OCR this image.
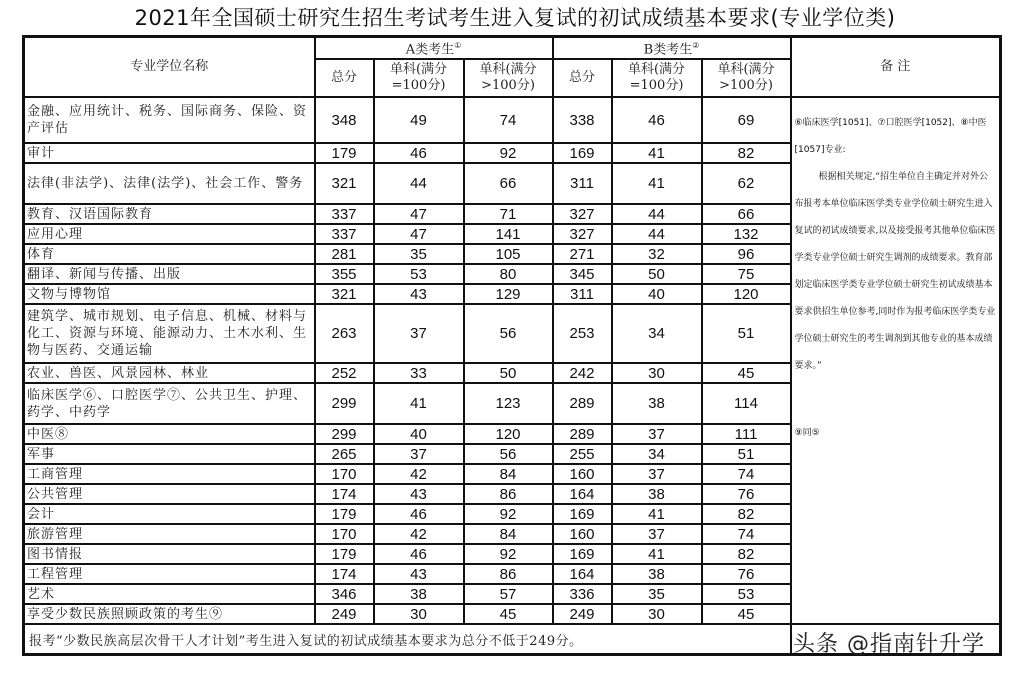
2021年全国硕士研究生招生考试考生进入复试的初试成绩基本要求(专业学位类)
专业学位名称	A类考生①			B类考生②			备 注
	总分	单科(满分=100分)	单科(满分>100分)	总分	单科(满分=100分)	单科(满分>100分)	
金融、应用统计、税务、国际商务、保险、资产评估	348	49	74	338	46	69	⑥临床医学[1051]、⑦口腔医学[1052]、⑧中医[1057]专业:

根据相关规定,“招生单位自主确定并对外公布报考本单位临床医学类专业学位硕士研究生进入复试的初试成绩要求,以及接受报考其他单位临床医学类专业学位硕士研究生调剂的成绩要求。教育部划定临床医学类专业学位硕士研究生初试成绩基本要求供招生单位参考,同时作为报考临床医学类专业学位硕士研究生的考生调剂到其他专业的基本成绩要求。”

⑨同⑤

审计	179	46	92	169	41	82	
法律(非法学)、法律(法学)、社会工作、警务	321	44	66	311	41	62	
教育、汉语国际教育	337	47	71	327	44	66	
应用心理	337	47	141	327	44	132	
体育	281	35	105	271	32	96	
翻译、新闻与传播、出版	355	53	80	345	50	75	
文物与博物馆	321	43	129	311	40	120	
建筑学、城市规划、电子信息、机械、材料与化工、资源与环境、能源动力、土木水利、生物与医药、交通运输	263	37	56	253	34	51	
农业、兽医、风景园林、林业	252	33	50	242	30	45	
临床医学⑥、口腔医学⑦、公共卫生、护理、药学、中药学	299	41	123	289	38	114	
中医⑧	299	40	120	289	37	111	
军事	265	37	56	255	34	51	
工商管理	170	42	84	160	37	74	
公共管理	174	43	86	164	38	76	
会计	179	46	92	169	41	82	
旅游管理	170	42	84	160	37	74	
图书情报	179	46	92	169	41	82	
工程管理	174	43	86	164	38	76	
艺术	346	38	57	336	35	53	
享受少数民族照顾政策的考生⑨	249	30	45	249	30	45	
报考“少数民族高层次骨干人才计划”考生进入复试的初试成绩基本要求为总分不低于249分。								头条 @指南针升学
